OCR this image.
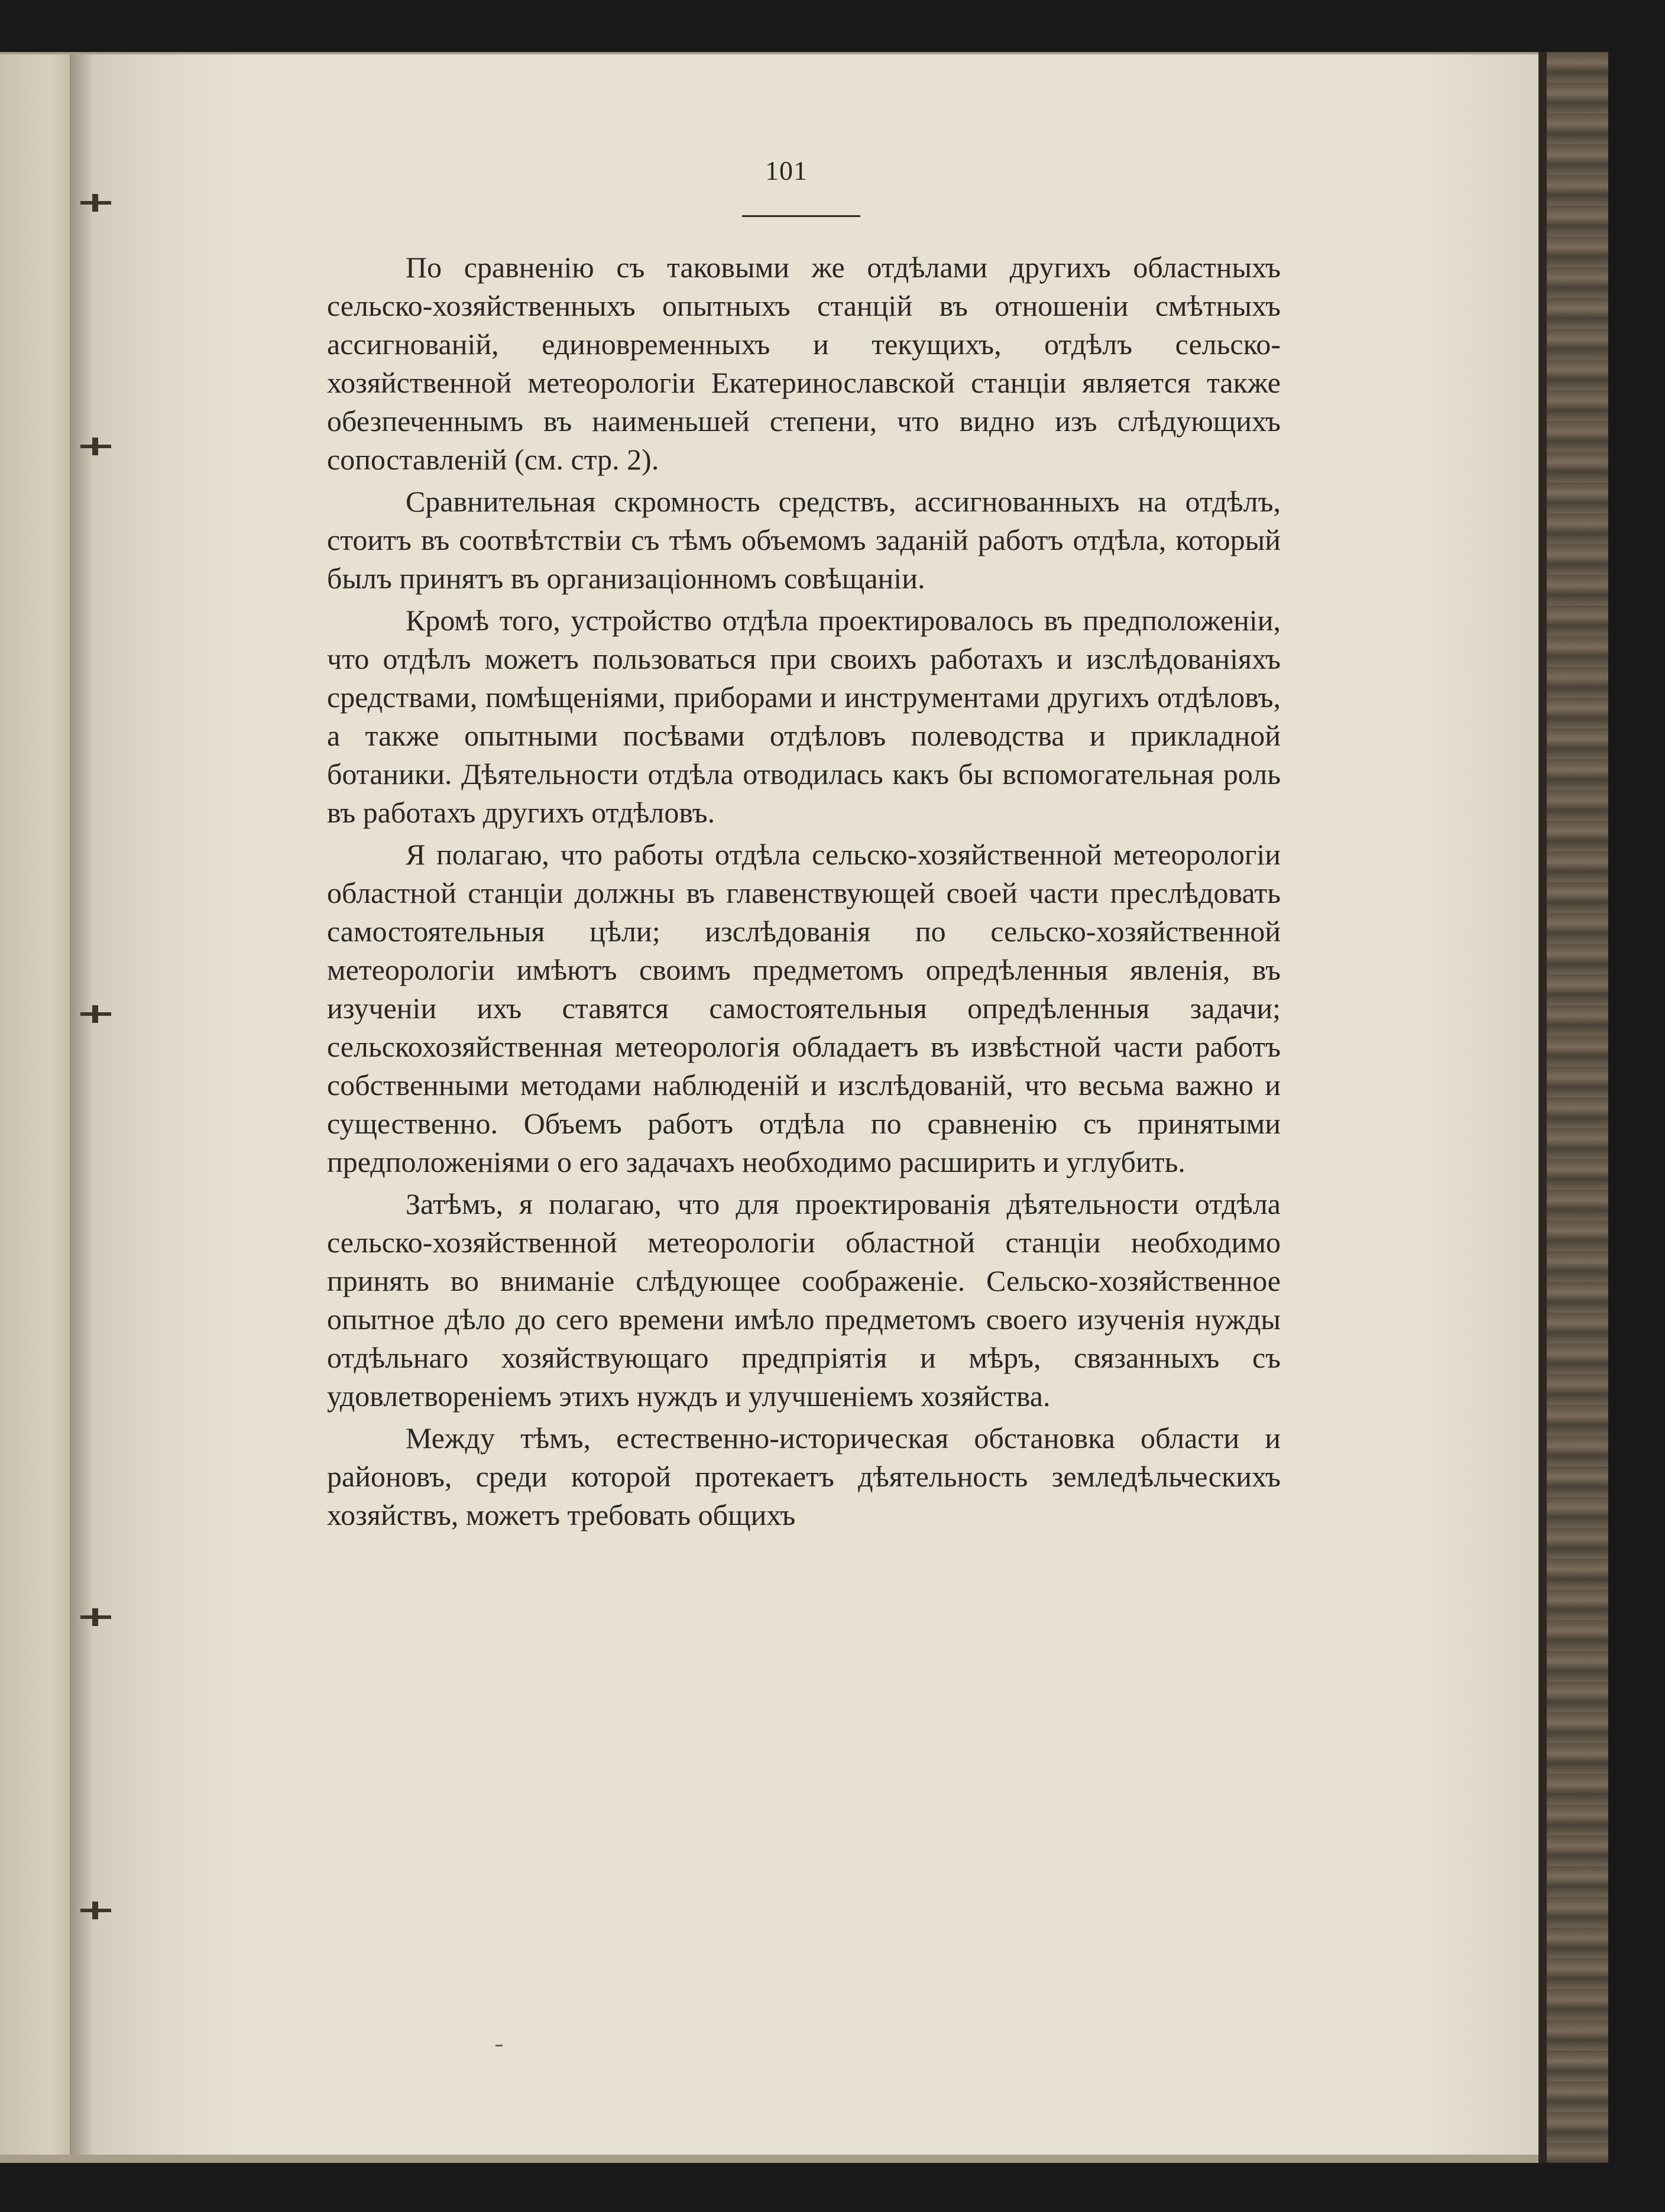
101

По сравненію съ таковыми же отдѣлами другихъ областныхъ сельско-хозяйственныхъ опытныхъ станцій въ отношеніи смѣтныхъ ассигнованій, единовременныхъ и текущихъ, отдѣлъ сельско-хозяйственной метеорологіи Екатеринославской станціи является также обезпеченнымъ въ наименьшей степени, что видно изъ слѣдующихъ сопоставленій (см. стр. 2).

Сравнительная скромность средствъ, ассигнованныхъ на отдѣлъ, стоитъ въ соотвѣтствіи съ тѣмъ объемомъ заданій работъ отдѣла, который былъ принятъ въ организаціонномъ совѣщаніи.

Кромѣ того, устройство отдѣла проектировалось въ предположеніи, что отдѣлъ можетъ пользоваться при своихъ работахъ и изслѣдованіяхъ средствами, помѣщеніями, приборами и инструментами другихъ отдѣловъ, а также опытными посѣвами отдѣловъ полеводства и прикладной ботаники. Дѣятельности отдѣла отводилась какъ бы вспомогательная роль въ работахъ другихъ отдѣловъ.

Я полагаю, что работы отдѣла сельско-хозяйственной метеорологіи областной станціи должны въ главенствующей своей части преслѣдовать самостоятельныя цѣли; изслѣдованія по сельско-хозяйственной метеорологіи имѣютъ своимъ предметомъ опредѣленныя явленія, въ изученіи ихъ ставятся самостоятельныя опредѣленныя задачи; сельскохозяйственная метеорологія обладаетъ въ извѣстной части работъ собственными методами наблюденій и изслѣдованій, что весьма важно и существенно. Объемъ работъ отдѣла по сравненію съ принятыми предположеніями о его задачахъ необходимо расширить и углубить.

Затѣмъ, я полагаю, что для проектированія дѣятельности отдѣла сельско-хозяйственной метеорологіи областной станціи необходимо принять во вниманіе слѣдующее соображеніе. Сельско-хозяйственное опытное дѣло до сего времени имѣло предметомъ своего изученія нужды отдѣльнаго хозяйствующаго предпріятія и мѣръ, связанныхъ съ удовлетвореніемъ этихъ нуждъ и улучшеніемъ хозяйства.

Между тѣмъ, естественно-историческая обстановка области и районовъ, среди которой протекаетъ дѣятельность земледѣльческихъ хозяйствъ, можетъ требовать общихъ
